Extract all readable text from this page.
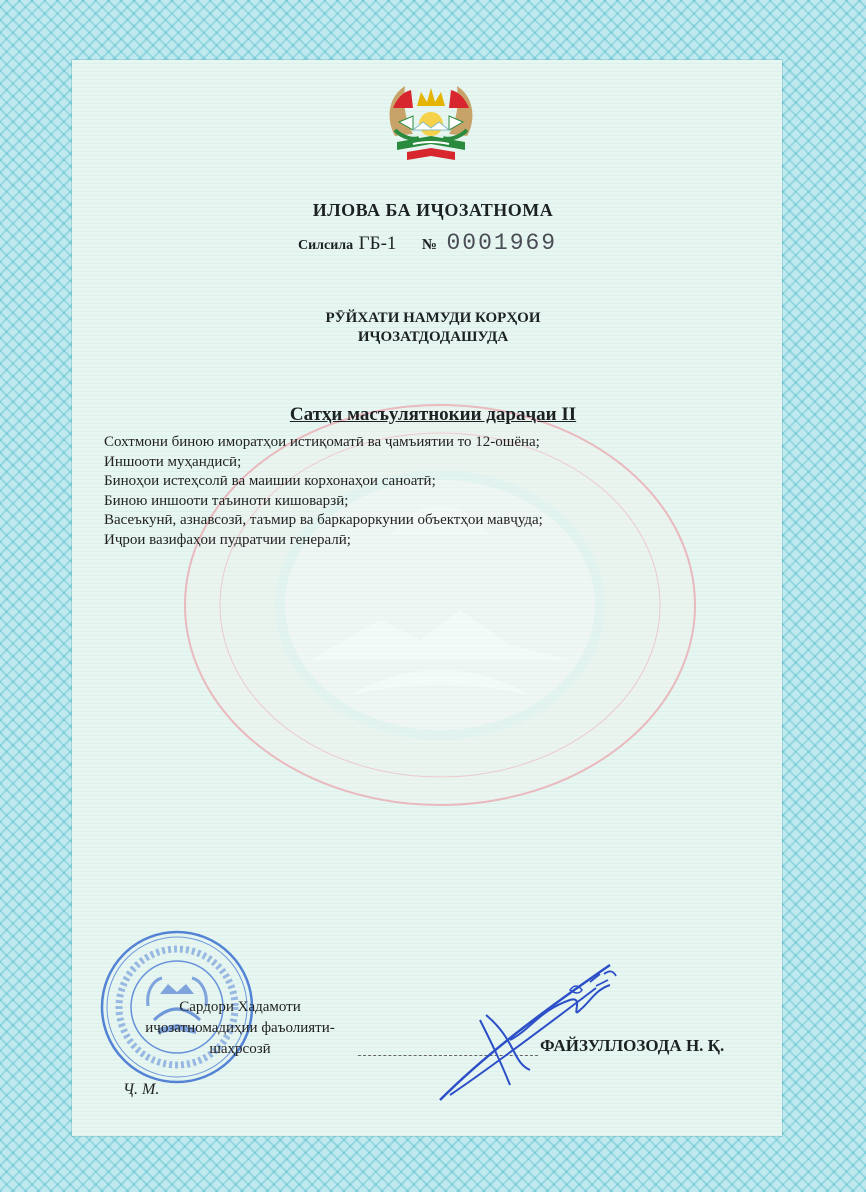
ИЛОВА БА ИҶОЗАТНОМА
Силсила ГБ-1 № 0001969
РӮЙХАТИ НАМУДИ КОРҲОИ
ИҶОЗАТДОДАШУДА
Сатҳи масъулятнокии дараҷаи II
Сохтмони биною иморатҳои истиқоматӣ ва ҷамъиятии то 12-ошёна;
Иншооти муҳандисӣ;
Биноҳои истеҳсолӣ ва маишии корхонаҳои саноатӣ;
Биною иншооти таъиноти кишоварзӣ;
Васеъкунӣ, азнавсозӣ, таъмир ва баркароркунии объектҳои мавҷуда;
Иҷрои вазифаҳои пудратчии генералӣ;
Сардори Хадамоти
иҷозатномадиҳии фаъолияти-
шаҳрсозӣ	ФАЙЗУЛЛОЗОДА Н. Қ.
Ҷ. М.
